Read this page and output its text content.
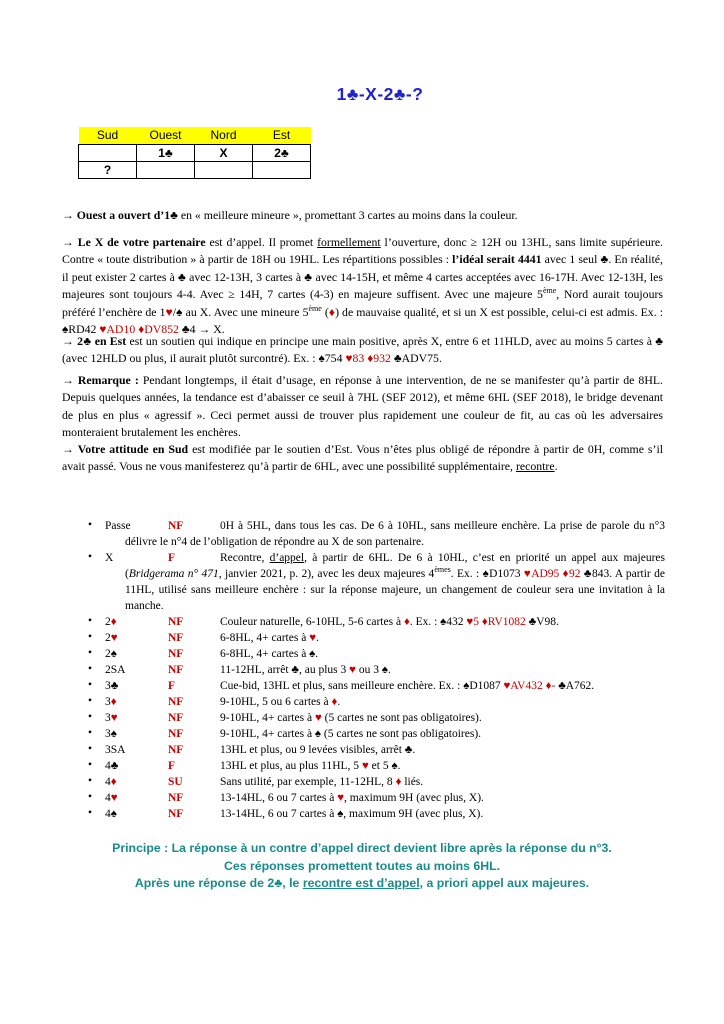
1♣-X-2♣-?
Sud	Ouest	Nord	Est
	1♣	X	2♣
?			
→ Ouest a ouvert d’1♣ en « meilleure mineure », promettant 3 cartes au moins dans la couleur.
→ Le X de votre partenaire est d’appel. Il promet formellement l’ouverture, donc ≥ 12H ou 13HL, sans limite supérieure. Contre « toute distribution » à partir de 18H ou 19HL. Les répartitions possibles : l’idéal serait 4441 avec 1 seul ♣. En réalité, il peut exister 2 cartes à ♣ avec 12-13H, 3 cartes à ♣ avec 14-15H, et même 4 cartes acceptées avec 16-17H. Avec 12-13H, les majeures sont toujours 4-4. Avec ≥ 14H, 7 cartes (4-3) en majeure suffisent. Avec une majeure 5ème, Nord aurait toujours préféré l’enchère de 1♥/♠ au X. Avec une mineure 5ème (♦) de mauvaise qualité, et si un X est possible, celui-ci est admis. Ex. : ♠RD42 ♥AD10 ♦DV852 ♣4 → X.
→ 2♣ en Est est un soutien qui indique en principe une main positive, après X, entre 6 et 11HLD, avec au moins 5 cartes à ♣ (avec 12HLD ou plus, il aurait plutôt surcontré). Ex. : ♠754 ♥83 ♦932 ♣ADV75.
→ Remarque : Pendant longtemps, il était d’usage, en réponse à une intervention, de ne se manifester qu’à partir de 8HL. Depuis quelques années, la tendance est d’abaisser ce seuil à 7HL (SEF 2012), et même 6HL (SEF 2018), le bridge devenant de plus en plus « agressif ». Ceci permet aussi de trouver plus rapidement une couleur de fit, au cas où les adversaires monteraient brutalement les enchères.
→ Votre attitude en Sud est modifiée par le soutien d’Est. Vous n’êtes plus obligé de répondre à partir de 0H, comme s’il avait passé. Vous ne vous manifesterez qu’à partir de 6HL, avec une possibilité supplémentaire, recontre.
• Passe	NF	0H à 5HL, dans tous les cas. De 6 à 10HL, sans meilleure enchère. La prise de parole du n°3 délivre le n°4 de l’obligation de répondre au X de son partenaire.
• X	F	Recontre, d’appel, à partir de 6HL. De 6 à 10HL, c’est en priorité un appel aux majeures (Bridgerama n° 471, janvier 2021, p. 2), avec les deux majeures 4èmes. Ex. : ♠D1073 ♥AD95 ♦92 ♣843. A partir de 11HL, utilisé sans meilleure enchère : sur la réponse majeure, un changement de couleur sera une invitation à la manche.
• 2♦	NF	Couleur naturelle, 6-10HL, 5-6 cartes à ♦. Ex. : ♠432 ♥5 ♦RV1082 ♣V98.
• 2♥	NF	6-8HL, 4+ cartes à ♥.
• 2♠	NF	6-8HL, 4+ cartes à ♠.
• 2SA	NF	11-12HL, arrêt ♣, au plus 3 ♥ ou 3 ♠.
• 3♣	F	Cue-bid, 13HL et plus, sans meilleure enchère. Ex. : ♠D1087 ♥AV432 ♦- ♣A762.
• 3♦	NF	9-10HL, 5 ou 6 cartes à ♦.
• 3♥	NF	9-10HL, 4+ cartes à ♥ (5 cartes ne sont pas obligatoires).
• 3♠	NF	9-10HL, 4+ cartes à ♠ (5 cartes ne sont pas obligatoires).
• 3SA	NF	13HL et plus, ou 9 levées visibles, arrêt ♣.
• 4♣	F	13HL et plus, au plus 11HL, 5 ♥ et 5 ♠.
• 4♦	SU	Sans utilité, par exemple, 11-12HL, 8 ♦ liés.
• 4♥	NF	13-14HL, 6 ou 7 cartes à ♥, maximum 9H (avec plus, X).
• 4♠	NF	13-14HL, 6 ou 7 cartes à ♠, maximum 9H (avec plus, X).
Principe : La réponse à un contre d’appel direct devient libre après la réponse du n°3.
Ces réponses promettent toutes au moins 6HL.
Après une réponse de 2♣, le recontre est d’appel, a priori appel aux majeures.
